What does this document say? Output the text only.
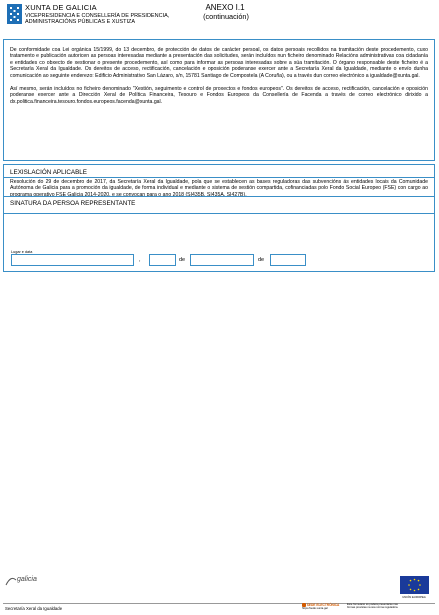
XUNTA DE GALICIA
VICEPRESIDENCIA E CONSELLERÍA DE PRESIDENCIA,
ADMINISTRACIÓNS PÚBLICAS E XUSTIZA
ANEXO I.1
(continuación)

De conformidade coa Lei orgánica 15/1999, do 13 decembro, de protección de datos de carácter persoal, os datos persoais recollidos na tramitación deste procedemento, cuxo tratamento e publicación autoricen as persoas interesadas mediante a presentación das solicitudes, serán incluídos nun ficheiro denominado Relacións administrativas coa cidadanía e entidades co obxecto de xestionar o presente procedemento, así como para informar as persoas interesadas sobre a súa tramitación. O órgano responsable deste ficheiro é a Secretaría Xeral da Igualdade. Os dereitos de acceso, rectificación, cancelación e oposición poderanse exercer ante a Secretaría Xeral da Igualdade, mediante o envío dunha comunicación ao seguinte enderezo: Edificio Administrativo San Lázaro, s/n, 15781 Santiago de Compostela (A Coruña), ou a través dun correo electrónico a igualdade@xunta.gal.

Así mesmo, serán incluídos no ficheiro denominado "Xestión, seguimento e control de proxectos e fondos europeos". Os dereitos de acceso, rectificación, cancelación e oposición poderanse exercer ante a Dirección Xeral de Política Financeira, Tesouro e Fondos Europeos da Consellería de Facenda a través de correo electrónico dirixido a dx.politica.financeira.tesouro.fondos.europeos.facenda@xunta.gal.

LEXISLACIÓN APLICABLE
Resolución do 29 de decembro de 2017, da Secretaría Xeral da Igualdade, pola que se establecen as bases reguladoras das subvencións ás entidades locais da Comunidade Autónoma de Galicia para a promoción da igualdade, de forma individual e mediante o sistema de xestión compartida, cofinanciadas polo Fondo Social Europeo (FSE) con cargo ao programa operativo FSE Galicia 2014-2020, e se convocan para o ano 2018 (SI435B, SI435A, SI427B).
SINATURA DA PERSOA REPRESENTANTE
Lugar e data
,	de	de
galicia
UNIÓN EUROPEA
Secretaría Xeral da Igualdade
SEDE ELECTRÓNICA
https://sede.xunta.gal
Este formulario só poderá presentarse nas
formas previstas na súa norma reguladora.
